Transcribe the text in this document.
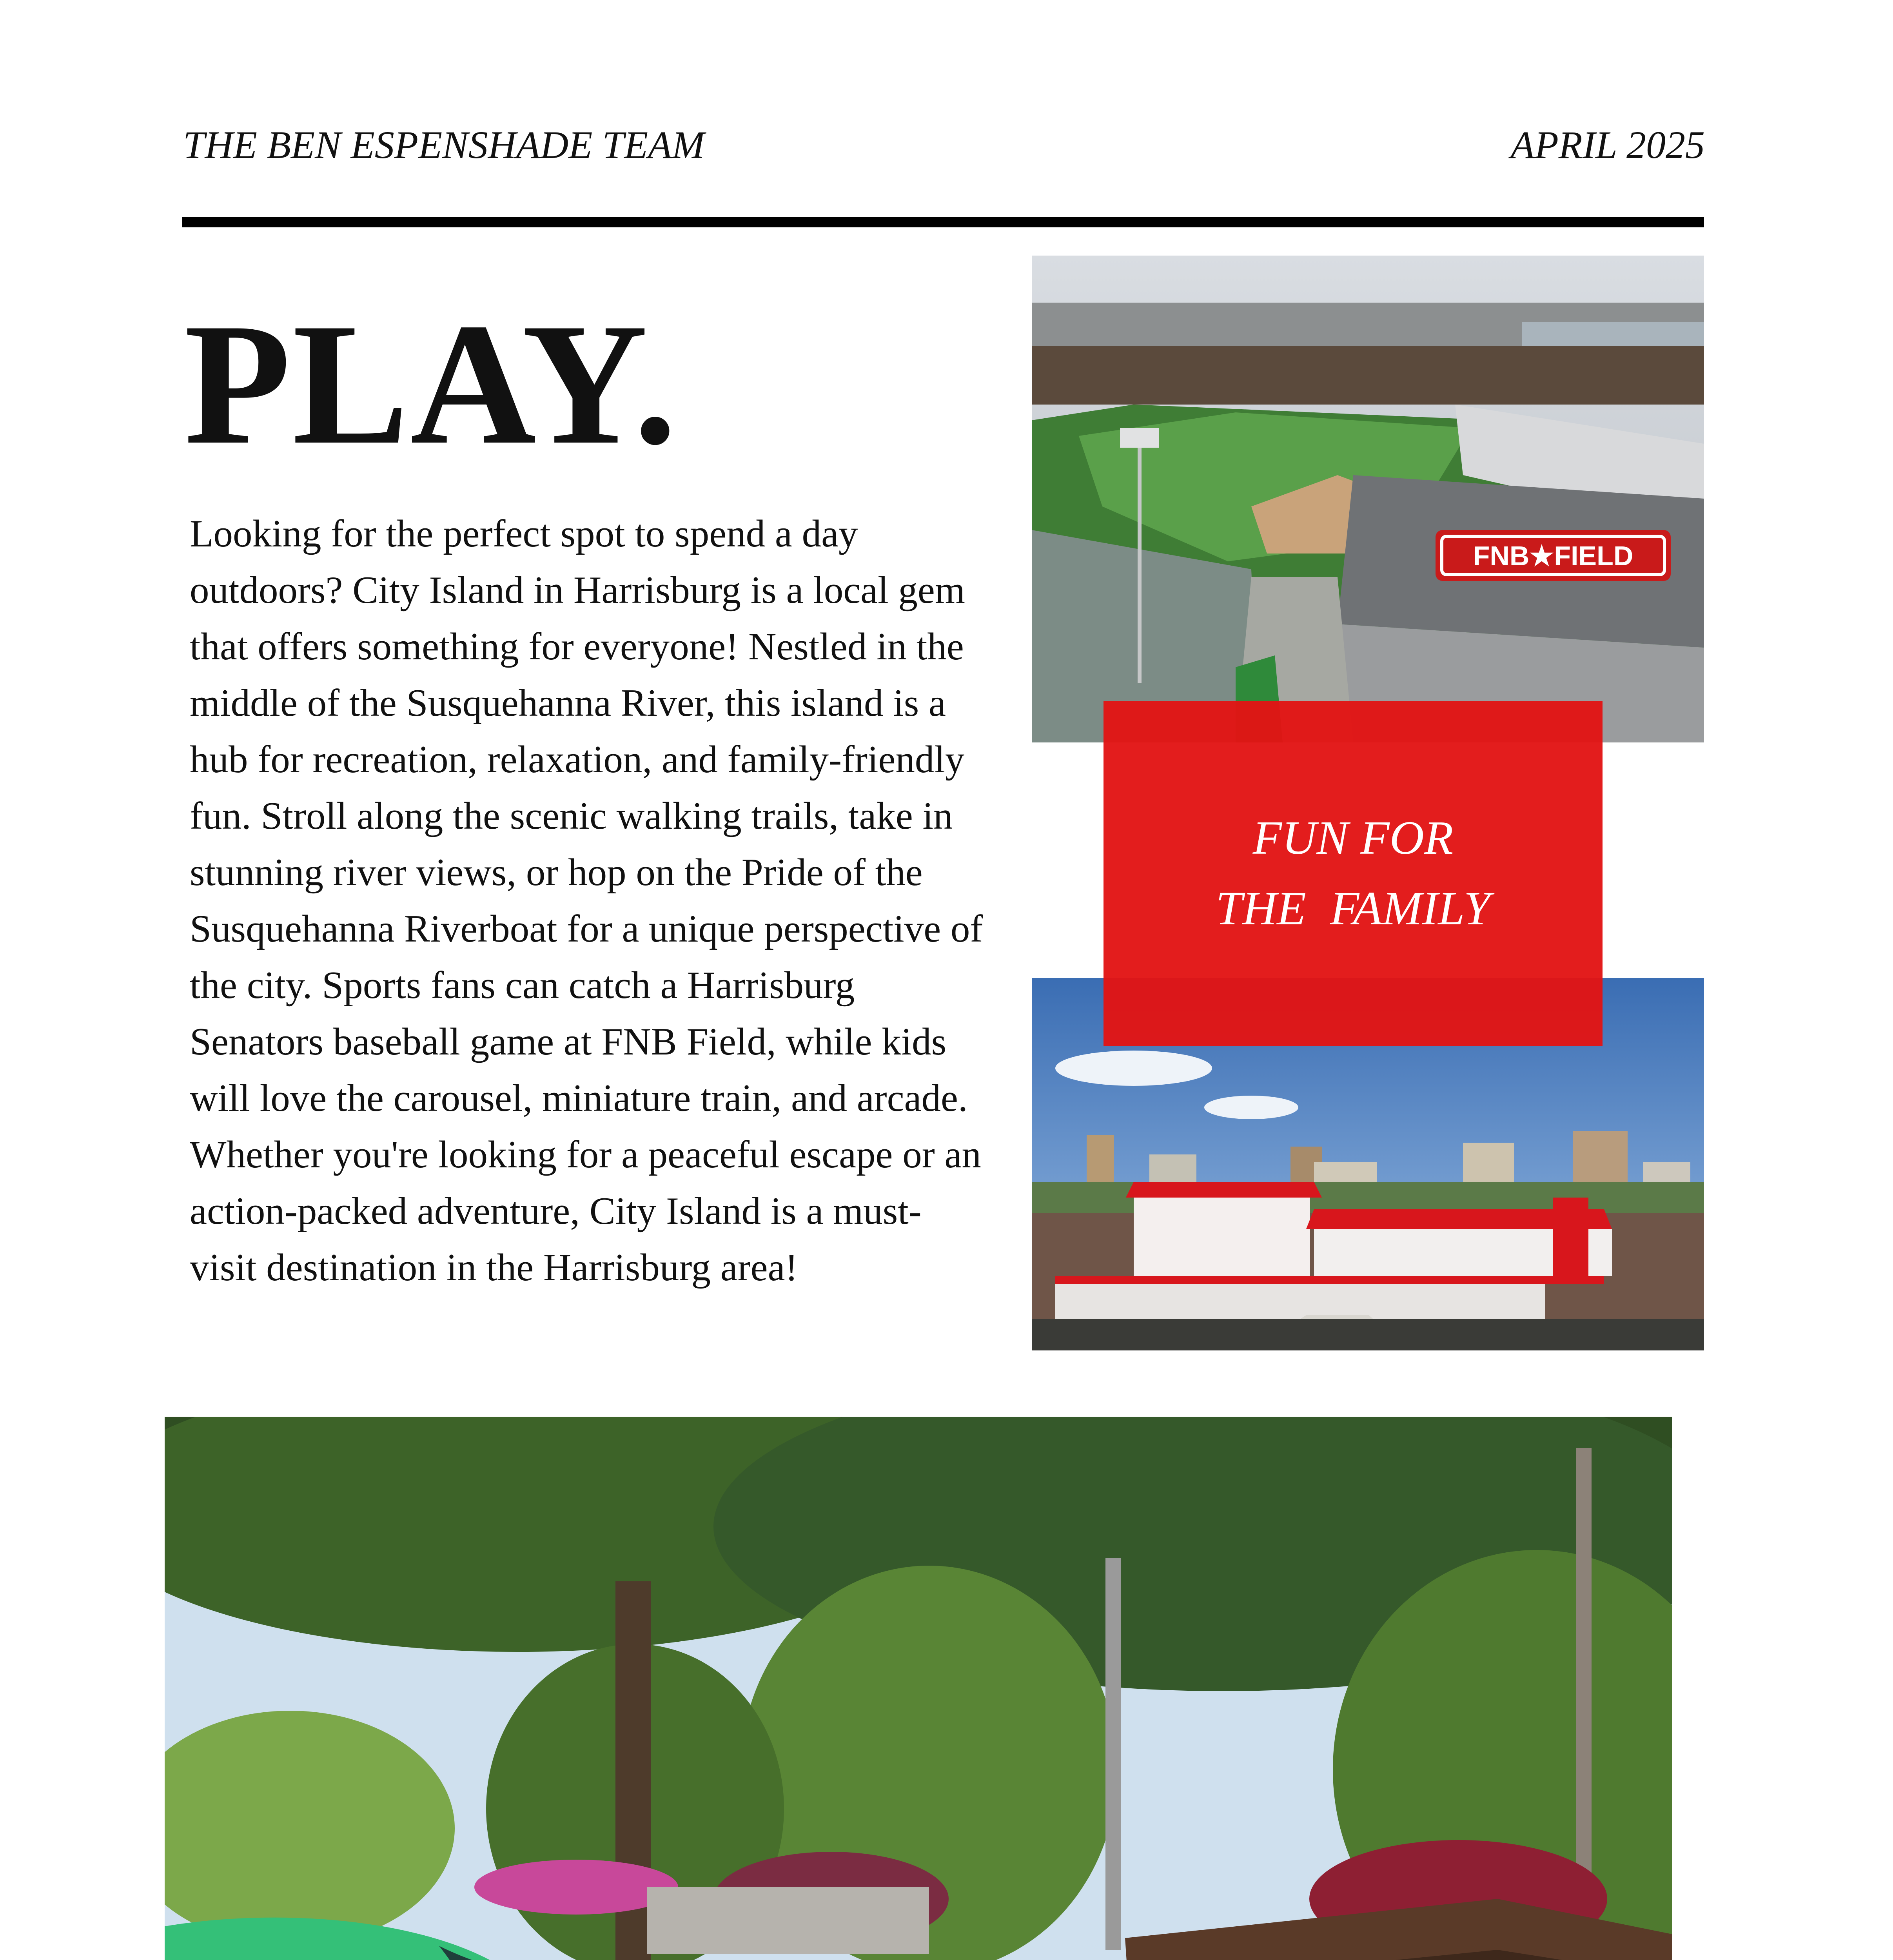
THE BEN ESPENSHADE TEAM	APRIL 2025
PLAY.
Looking for the perfect spot to spend a day outdoors? City Island in Harrisburg is a local gem that offers something for everyone! Nestled in the middle of the Susquehanna River, this island is a hub for recreation, relaxation, and family-friendly fun. Stroll along the scenic walking trails, take in stunning river views, or hop on the Pride of the Susquehanna Riverboat for a unique perspective of the city. Sports fans can catch a Harrisburg Senators baseball game at FNB Field, while kids will love the carousel, miniature train, and arcade. Whether you're looking for a peaceful escape or an action-packed adventure, City Island is a must-visit destination in the Harrisburg area!
FNB★FIELD
FUN FOR
THE  FAMILY
